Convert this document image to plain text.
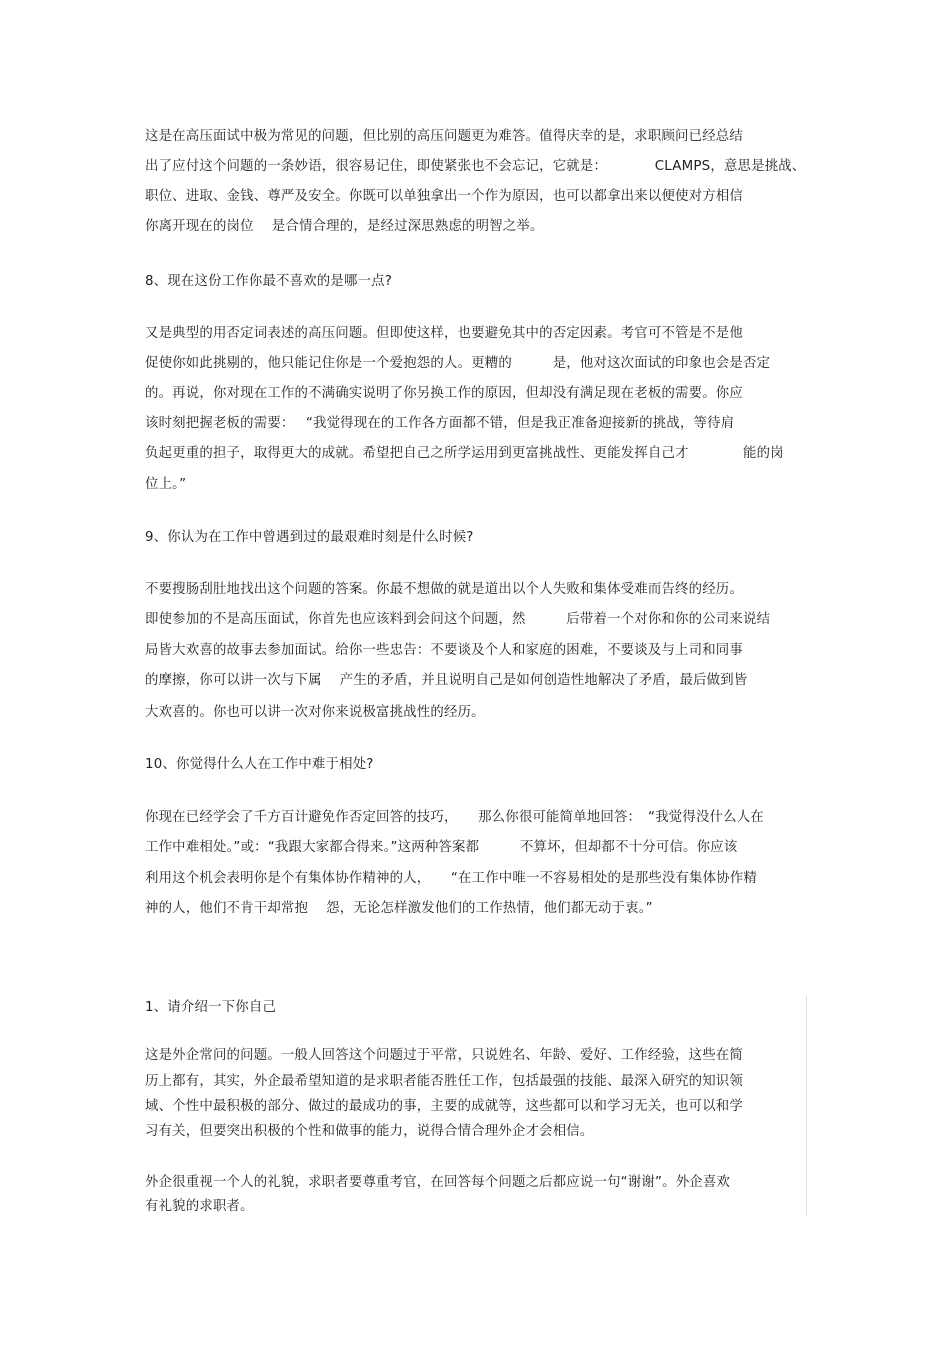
这是在高压面试中极为常见的问题，但比别的高压问题更为难答。值得庆幸的是，求职顾问已经总结
出了应付这个问题的一条妙语，很容易记住，即使紧张也不会忘记，它就是：　　　　CLAMPS，意思是挑战、
职位、进取、金钱、尊严及安全。你既可以单独拿出一个作为原因，也可以都拿出来以便使对方相信
你离开现在的岗位　 是合情合理的，是经过深思熟虑的明智之举。
8、现在这份工作你最不喜欢的是哪一点?
又是典型的用否定词表述的高压问题。但即使这样，也要避免其中的否定因素。考官可不管是不是他
促使你如此挑剔的，他只能记住你是一个爱抱怨的人。更糟的　　　是，他对这次面试的印象也会是否定
的。再说，你对现在工作的不满确实说明了你另换工作的原因，但却没有满足现在老板的需要。你应
该时刻把握老板的需要：　 “我觉得现在的工作各方面都不错，但是我正准备迎接新的挑战，等待肩
负起更重的担子，取得更大的成就。希望把自己之所学运用到更富挑战性、更能发挥自己才　　　　能的岗
位上。”
9、你认为在工作中曾遇到过的最艰难时刻是什么时候?
不要搜肠刮肚地找出这个问题的答案。你最不想做的就是道出以个人失败和集体受难而告终的经历。
即使参加的不是高压面试，你首先也应该料到会问这个问题，然　　　后带着一个对你和你的公司来说结
局皆大欢喜的故事去参加面试。给你一些忠告：不要谈及个人和家庭的困难，不要谈及与上司和同事
的摩擦，你可以讲一次与下属　 产生的矛盾，并且说明自己是如何创造性地解决了矛盾，最后做到皆
大欢喜的。你也可以讲一次对你来说极富挑战性的经历。
10、你觉得什么人在工作中难于相处?
你现在已经学会了千方百计避免作否定回答的技巧，　　那么你很可能简单地回答：　“我觉得没什么人在
工作中难相处。”或：“我跟大家都合得来。”这两种答案都　　　不算坏，但却都不十分可信。你应该
利用这个机会表明你是个有集体协作精神的人，　　“在工作中唯一不容易相处的是那些没有集体协作精
神的人，他们不肯干却常抱　 怨，无论怎样激发他们的工作热情，他们都无动于衷。”
1、请介绍一下你自己
这是外企常问的问题。一般人回答这个问题过于平常，只说姓名、年龄、爱好、工作经验，这些在简
历上都有，其实，外企最希望知道的是求职者能否胜任工作，包括最强的技能、最深入研究的知识领
域、个性中最积极的部分、做过的最成功的事，主要的成就等，这些都可以和学习无关，也可以和学
习有关，但要突出积极的个性和做事的能力，说得合情合理外企才会相信。
外企很重视一个人的礼貌，求职者要尊重考官，在回答每个问题之后都应说一句“谢谢”。外企喜欢
有礼貌的求职者。
